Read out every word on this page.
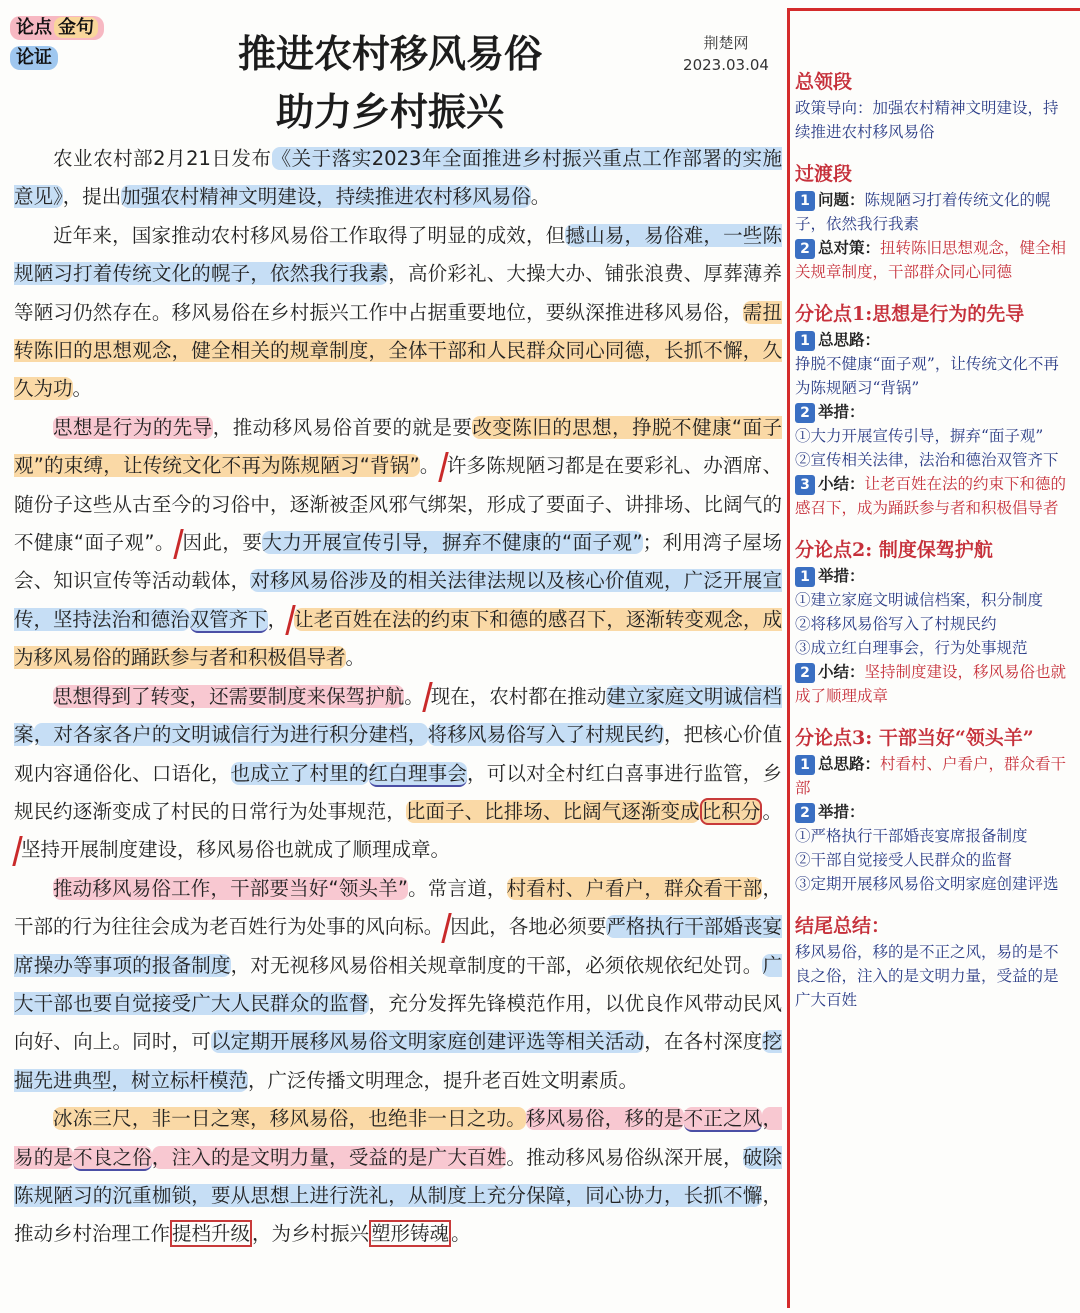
论点 金句
论证	推进农村移风易俗
助力乡村振兴
荆楚网
2023.03.04

农业农村部2月21日发布《关于落实2023年全面推进乡村振兴重点工作部署的实施意见》，提出加强农村精神文明建设，持续推进农村移风易俗。

近年来，国家推动农村移风易俗工作取得了明显的成效，但撼山易，易俗难，一些陈规陋习打着传统文化的幌子，依然我行我素，高价彩礼、大操大办、铺张浪费、厚葬薄养等陋习仍然存在。移风易俗在乡村振兴工作中占据重要地位，要纵深推进移风易俗，需扭转陈旧的思想观念，健全相关的规章制度，全体干部和人民群众同心同德，长抓不懈，久久为功。

思想是行为的先导，推动移风易俗首要的就是要改变陈旧的思想，挣脱不健康“面子观”的束缚，让传统文化不再为陈规陋习“背锅”。 许多陈规陋习都是在要彩礼、办酒席、随份子这些从古至今的习俗中，逐渐被歪风邪气绑架，形成了要面子、讲排场、比阔气的不健康“面子观”。 因此，要大力开展宣传引导，摒弃不健康的“面子观”；利用湾子屋场会、知识宣传等活动载体，对移风易俗涉及的相关法律法规以及核心价值观，广泛开展宣传，坚持法治和德治双管齐下， 让老百姓在法的约束下和德的感召下，逐渐转变观念，成为移风易俗的踊跃参与者和积极倡导者。

思想得到了转变，还需要制度来保驾护航。 现在，农村都在推动建立家庭文明诚信档案，对各家各户的文明诚信行为进行积分建档，将移风易俗写入了村规民约，把核心价值观内容通俗化、口语化，也成立了村里的红白理事会，可以对全村红白喜事进行监管，乡规民约逐渐变成了村民的日常行为处事规范，比面子、比排场、比阔气逐渐变成 比积分 。坚持开展制度建设，移风易俗也就成了顺理成章。

推动移风易俗工作，干部要当好“领头羊”。常言道，村看村、户看户，群众看干部，干部的行为往往会成为老百姓行为处事的风向标。 因此，各地必须要严格执行干部婚丧宴席操办等事项的报备制度，对无视移风易俗相关规章制度的干部，必须依规依纪处罚。广大干部也要自觉接受广大人民群众的监督，充分发挥先锋模范作用，以优良作风带动民风向好、向上。同时，可以定期开展移风易俗文明家庭创建评选等相关活动，在各村深度挖掘先进典型，树立标杆模范，广泛传播文明理念，提升老百姓文明素质。

冰冻三尺，非一日之寒，移风易俗，也绝非一日之功。移风易俗，移的是不正之风，易的是不良之俗，注入的是文明力量，受益的是广大百姓。推动移风易俗纵深开展，破除陈规陋习的沉重枷锁，要从思想上进行洗礼，从制度上充分保障，同心协力，长抓不懈，推动乡村治理工作 提档升级 ，为乡村振兴 塑形铸魂 。

总领段
政策导向：加强农村精神文明建设，持续推进农村移风易俗
过渡段
1 问题：陈规陋习打着传统文化的幌子，依然我行我素
2 总对策：扭转陈旧思想观念，健全相关规章制度，干部群众同心同德
分论点1:思想是行为的先导
1 总思路：
挣脱不健康“面子观”，让传统文化不再为陈规陋习“背锅”
2 举措：
①大力开展宣传引导，摒弃“面子观”
②宣传相关法律，法治和德治双管齐下
3 小结：让老百姓在法的约束下和德的感召下，成为踊跃参与者和积极倡导者
分论点2: 制度保驾护航
1 举措：
①建立家庭文明诚信档案，积分制度
②将移风易俗写入了村规民约
③成立红白理事会，行为处事规范
2 小结：坚持制度建设，移风易俗也就成了顺理成章
分论点3: 干部当好“领头羊”
1 总思路：村看村、户看户，群众看干部
2 举措：
①严格执行干部婚丧宴席报备制度
②干部自觉接受人民群众的监督
③定期开展移风易俗文明家庭创建评选
结尾总结：
移风易俗，移的是不正之风，易的是不良之俗，注入的是文明力量，受益的是广大百姓
